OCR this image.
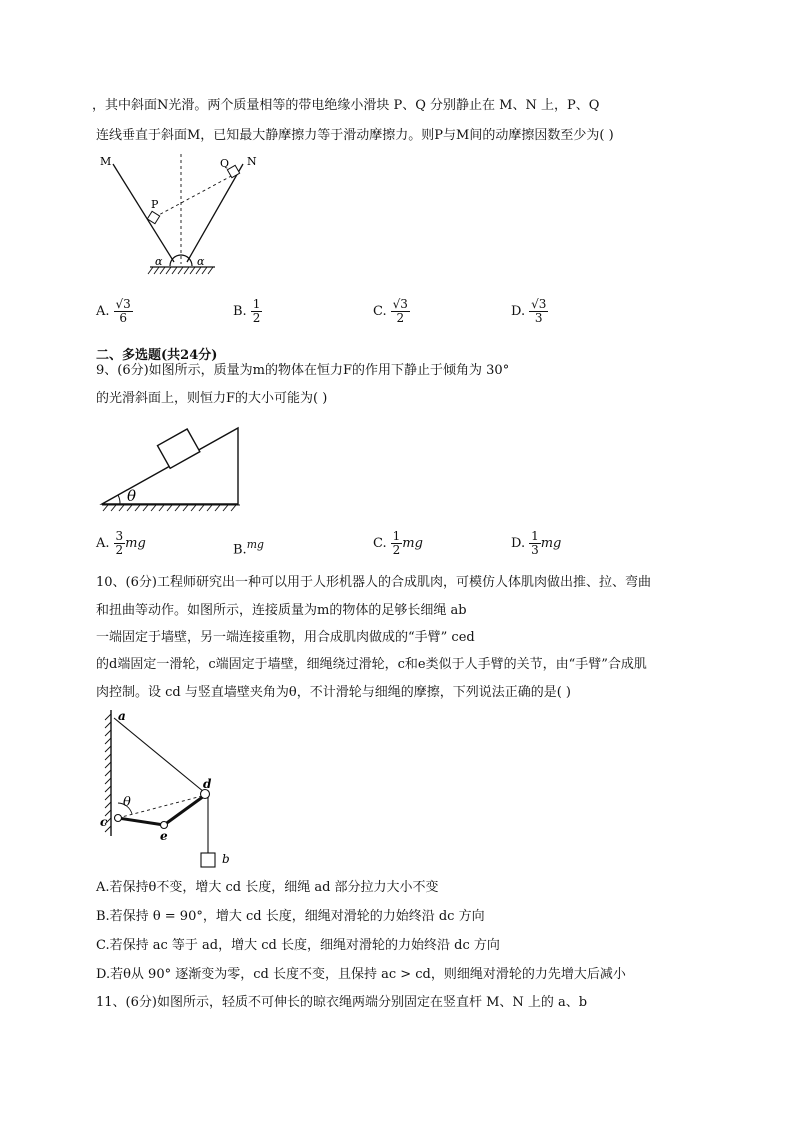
，其中斜面N光滑。两个质量相等的带电绝缘小滑块 P、Q 分别静止在 M、N 上，P、Q
连线垂直于斜面M，已知最大静摩擦力等于滑动摩擦力。则P与M间的动摩擦因数至少为( )
M	N
Q
P
α	α
A. $\frac{√3}{6}$	B. $\frac{1}{2}$	C. $\frac{√3}{2}$	D. $\frac{√3}{3}$
二、多选题(共24分)
9、(6分)如图所示，质量为m的物体在恒力F的作用下静止于倾角为 30°
的光滑斜面上，则恒力F的大小可能为( )
θ
A. $\frac{3}{2}$ mg	B.$^{mg}$	C. $\frac{1}{2}$ mg	D. $\frac{1}{3}$ mg
10、(6分)工程师研究出一种可以用于人形机器人的合成肌肉，可模仿人体肌肉做出推、拉、弯曲
和扭曲等动作。如图所示，连接质量为m的物体的足够长细绳 ab
一端固定于墙壁，另一端连接重物，用合成肌肉做成的“手臂” ced
的d端固定一滑轮，c端固定于墙壁，细绳绕过滑轮，c和e类似于人手臂的关节，由“手臂”合成肌
肉控制。设 cd 与竖直墙壁夹角为θ，不计滑轮与细绳的摩擦，下列说法正确的是( )
a
d
c
e
b
θ
A.若保持θ不变，增大 cd 长度，细绳 ad 部分拉力大小不变
B.若保持 θ = 90°，增大 cd 长度，细绳对滑轮的力始终沿 dc 方向
C.若保持 ac 等于 ad，增大 cd 长度，细绳对滑轮的力始终沿 dc 方向
D.若θ从 90° 逐渐变为零，cd 长度不变，且保持 ac > cd，则细绳对滑轮的力先增大后减小
11、(6分)如图所示，轻质不可伸长的晾衣绳两端分别固定在竖直杆 M、N 上的 a、b
